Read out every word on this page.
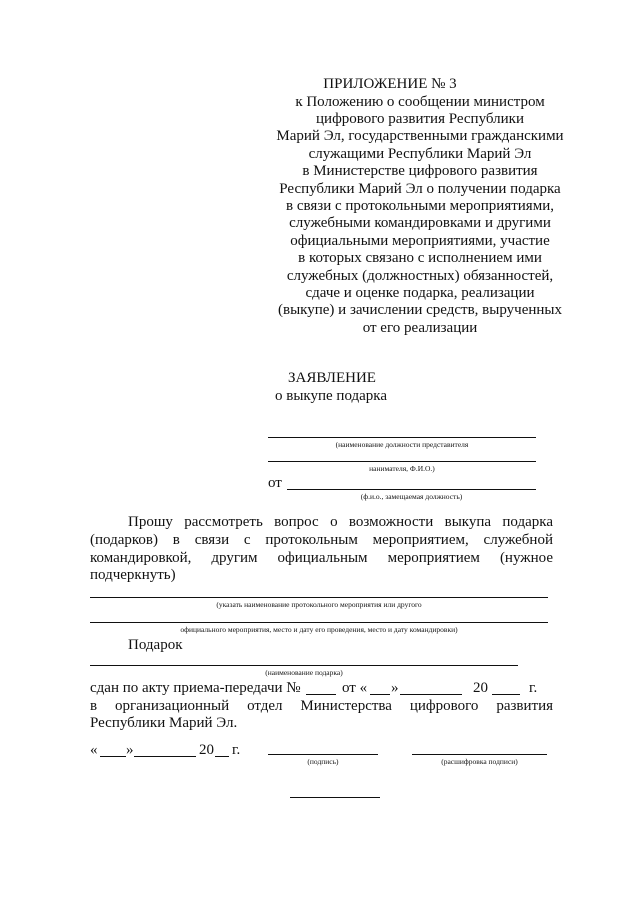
ПРИЛОЖЕНИЕ № 3
к Положению о сообщении министром
цифрового развития Республики
Марий Эл, государственными гражданскими
служащими Республики Марий Эл
в Министерстве цифрового развития
Республики Марий Эл о получении подарка
в связи с протокольными мероприятиями,
служебными командировками и другими
официальными мероприятиями, участие
в которых связано с исполнением ими
служебных (должностных) обязанностей,
сдаче и оценке подарка, реализации
(выкупе) и зачислении средств, вырученных
от его реализации
ЗАЯВЛЕНИЕ
о выкупе подарка
(наименование должности представителя
нанимателя, Ф.И.О.)
от
(ф.и.о., замещаемая должность)
Прошу рассмотреть вопрос о возможности выкупа подарка
(подарков) в связи с протокольным мероприятием, служебной
командировкой, другим официальным мероприятием (нужное
подчеркнуть)
(указать наименование протокольного мероприятия или другого
официального мероприятия, место и дату его проведения, место и дату командировки)
Подарок
(наименование подарка)
сдан по акту приема-передачи №	от « »	20	г.
в организационный отдел Министерства цифрового развития
Республики Марий Эл.
« »	20 г.
(подпись)	(расшифровка подписи)
